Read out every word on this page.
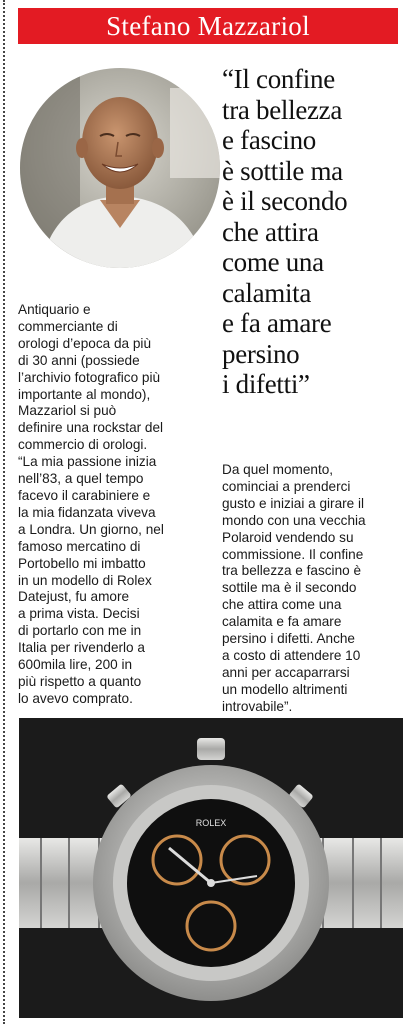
Stefano Mazzariol
“Il confine
tra bellezza
e fascino
è sottile ma
è il secondo
che attira
come una
calamita
e fa amare
persino
i difetti”
Antiquario e
commerciante di
orologi d’epoca da più
di 30 anni (possiede
l’archivio fotografico più
importante al mondo),
Mazzariol si può
definire una rockstar del
commercio di orologi.
“La mia passione inizia
nell’83, a quel tempo
facevo il carabiniere e
la mia fidanzata viveva
a Londra. Un giorno, nel
famoso mercatino di
Portobello mi imbatto
in un modello di Rolex
Datejust, fu amore
a prima vista. Decisi
di portarlo con me in
Italia per rivenderlo a
600mila lire, 200 in
più rispetto a quanto
lo avevo comprato.
Da quel momento,
cominciai a prenderci
gusto e iniziai a girare il
mondo con una vecchia
Polaroid vendendo su
commissione. Il confine
tra bellezza e fascino è
sottile ma è il secondo
che attira come una
calamita e fa amare
persino i difetti. Anche
a costo di attendere 10
anni per accaparrarsi
un modello altrimenti
introvabile”.
ROLEX
